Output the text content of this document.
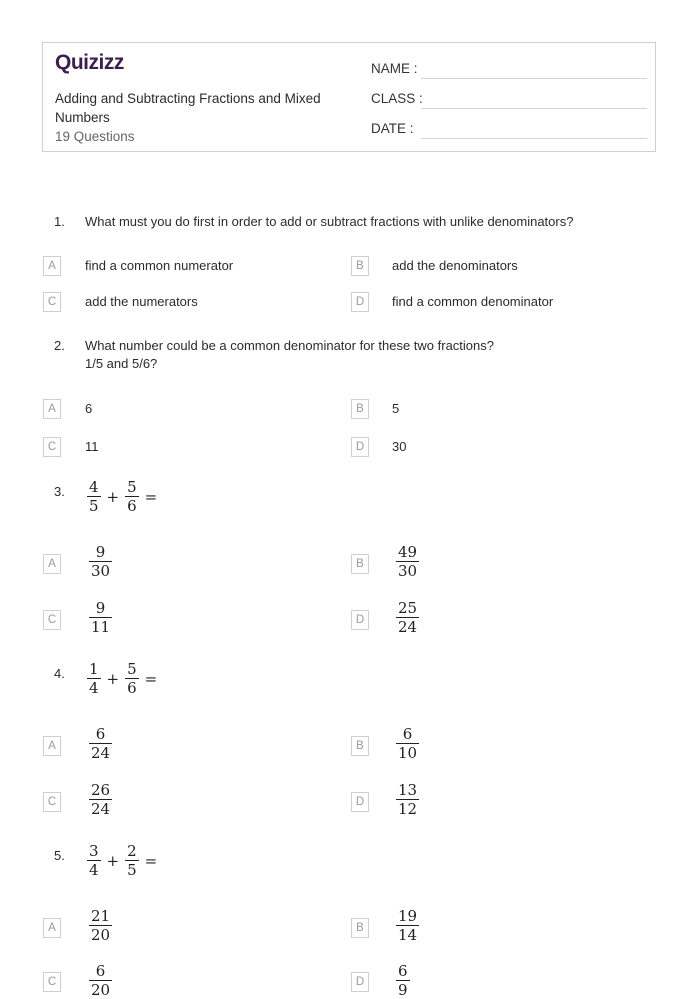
Quizizz
Adding and Subtracting Fractions and Mixed Numbers
19 Questions
NAME :
CLASS :
DATE :
1. What must you do first in order to add or subtract fractions with unlike denominators?
A	find a common numerator	B	add the denominators
C	add the numerators	D	find a common denominator
2. What number could be a common denominator for these two fractions?
1/5 and 5/6?
A	6	B	5
C	11	D	30
3. $\frac{4}{5} + \frac{5}{6}$ =
A	$\frac{9}{30}$	B	$\frac{49}{30}$
C	$\frac{9}{11}$	D	$\frac{25}{24}$
4. $\frac{1}{4} + \frac{5}{6}$ =
A	$\frac{6}{24}$	B	$\frac{6}{10}$
C	$\frac{26}{24}$	D	$\frac{13}{12}$
5. $\frac{3}{4} + \frac{2}{5}$ =
A	$\frac{21}{20}$	B	$\frac{19}{14}$
C	$\frac{6}{20}$	D	$\frac{6}{9}$
